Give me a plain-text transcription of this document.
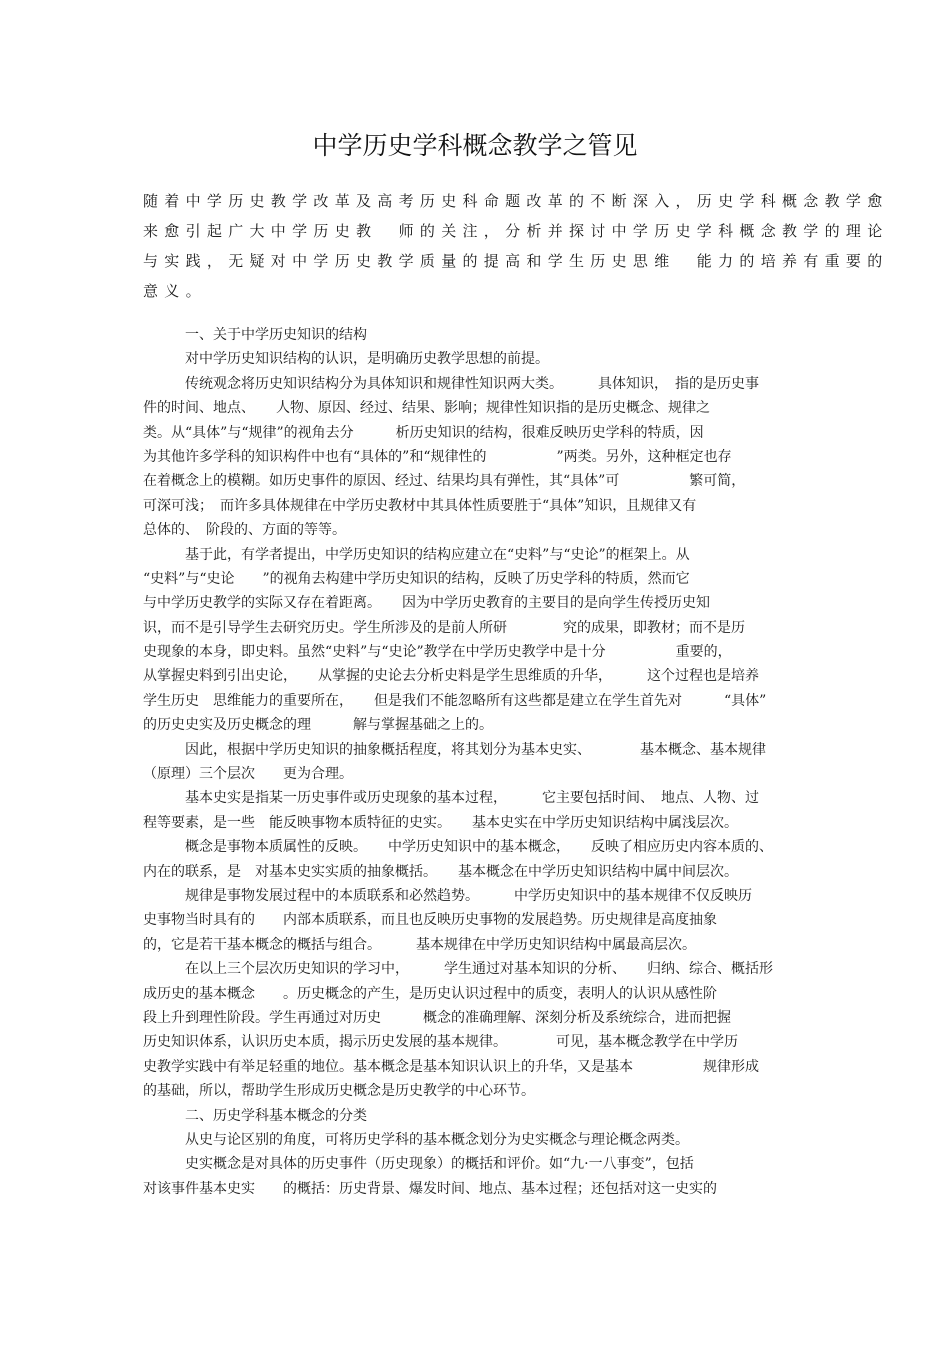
中学历史学科概念教学之管见
随着中学历史教学改革及高考历史科命题改革的不断深入，历史学科概念教学愈
来愈引起广大中学历史教　师的关注，分析并探讨中学历史学科概念教学的理论
与实践，无疑对中学历史教学质量的提高和学生历史思维　能力的培养有重要的
意义。
　　　一、关于中学历史知识的结构
　　　对中学历史知识结构的认识，是明确历史教学思想的前提。
　　　传统观念将历史知识结构分为具体知识和规律性知识两大类。　　　具体知识，　指的是历史事
件的时间、地点、　　人物、原因、经过、结果、影响；规律性知识指的是历史概念、规律之
类。从“具体”与“规律”的视角去分　　　析历史知识的结构，很难反映历史学科的特质，因
为其他许多学科的知识构件中也有“具体的”和“规律性的　　　　　”两类。另外，这种框定也存
在着概念上的模糊。如历史事件的原因、经过、结果均具有弹性，其“具体”可　　　　　繁可简，
可深可浅；　而许多具体规律在中学历史教材中其具体性质要胜于“具体”知识，且规律又有
总体的、　阶段的、方面的等等。
　　　基于此，有学者提出，中学历史知识的结构应建立在“史料”与“史论”的框架上。从
“史料”与“史论　　”的视角去构建中学历史知识的结构，反映了历史学科的特质，然而它
与中学历史教学的实际又存在着距离。　　因为中学历史教育的主要目的是向学生传授历史知
识，而不是引导学生去研究历史。学生所涉及的是前人所研　　　　究的成果，即教材；而不是历
史现象的本身，即史料。虽然“史料”与“史论”教学在中学历史教学中是十分　　　　　重要的，
从掌握史料到引出史论，　　从掌握的史论去分析史料是学生思维质的升华，　　　这个过程也是培养
学生历史　思维能力的重要所在，　　但是我们不能忽略所有这些都是建立在学生首先对　　　“具体”
的历史史实及历史概念的理　　　解与掌握基础之上的。
　　　因此，根据中学历史知识的抽象概括程度，将其划分为基本史实、　　　　基本概念、基本规律
（原理）三个层次　　更为合理。
　　　基本史实是指某一历史事件或历史现象的基本过程，　　　它主要包括时间、　地点、人物、过
程等要素，是一些　能反映事物本质特征的史实。　　基本史实在中学历史知识结构中属浅层次。
　　　概念是事物本质属性的反映。　　中学历史知识中的基本概念，　　反映了相应历史内容本质的、
内在的联系，是　对基本史实实质的抽象概括。　　基本概念在中学历史知识结构中属中间层次。
　　　规律是事物发展过程中的本质联系和必然趋势。　　　中学历史知识中的基本规律不仅反映历
史事物当时具有的　　内部本质联系，而且也反映历史事物的发展趋势。历史规律是高度抽象
的，它是若干基本概念的概括与组合。　　　基本规律在中学历史知识结构中属最高层次。
　　　在以上三个层次历史知识的学习中，　　　学生通过对基本知识的分析、　　归纳、综合、概括形
成历史的基本概念　　。历史概念的产生，是历史认识过程中的质变，表明人的认识从感性阶
段上升到理性阶段。学生再通过对历史　　　概念的准确理解、深刻分析及系统综合，进而把握
历史知识体系，认识历史本质，揭示历史发展的基本规律。　　　　可见，基本概念教学在中学历
史教学实践中有举足轻重的地位。基本概念是基本知识认识上的升华，又是基本　　　　　规律形成
的基础，所以，帮助学生形成历史概念是历史教学的中心环节。
　　　二、历史学科基本概念的分类
　　　从史与论区别的角度，可将历史学科的基本概念划分为史实概念与理论概念两类。
　　　史实概念是对具体的历史事件（历史现象）的概括和评价。如“九·一八事变”，包括
对该事件基本史实　　的概括：历史背景、爆发时间、地点、基本过程；还包括对这一史实的
